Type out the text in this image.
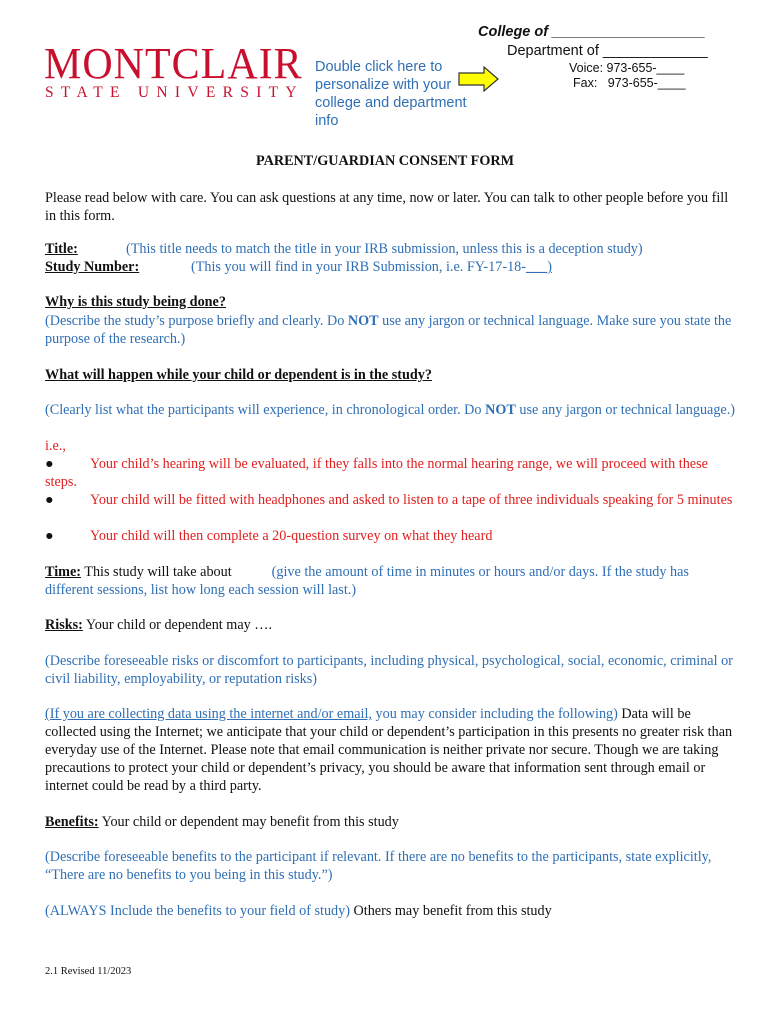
MONTCLAIR
STATE UNIVERSITY
Double click here to personalize with your college and department info
College of ___________________
Department of _____________
Voice: 973-655-____
Fax:   973-655-____
PARENT/GUARDIAN CONSENT FORM
Please read below with care. You can ask questions at any time, now or later. You can talk to other people before you fill in this form.
Title:	(This title needs to match the title in your IRB submission, unless this is a deception study)
Study Number:	(This you will find in your IRB Submission, i.e. FY-17-18-___)
Why is this study being done?
(Describe the study’s purpose briefly and clearly. Do NOT use any jargon or technical language. Make sure you state the purpose of the research.)
What will happen while your child or dependent is in the study?
(Clearly list what the participants will experience, in chronological order. Do NOT use any jargon or technical language.)
i.e.,
●	Your child’s hearing will be evaluated, if they falls into the normal hearing range, we will proceed with these steps.
●	Your child will be fitted with headphones and asked to listen to a tape of three individuals speaking for 5 minutes
●	Your child will then complete a 20-question survey on what they heard
Time: This study will take about	(give the amount of time in minutes or hours and/or days. If the study has different sessions, list how long each session will last.)
Risks: Your child or dependent may ….
(Describe foreseeable risks or discomfort to participants, including physical, psychological, social, economic, criminal or civil liability, employability, or reputation risks)
(If you are collecting data using the internet and/or email, you may consider including the following) Data will be collected using the Internet; we anticipate that your child or dependent’s participation in this presents no greater risk than everyday use of the Internet. Please note that email communication is neither private nor secure. Though we are taking precautions to protect your child or dependent’s privacy, you should be aware that information sent through email or internet could be read by a third party.
Benefits: Your child or dependent may benefit from this study
(Describe foreseeable benefits to the participant if relevant. If there are no benefits to the participants, state explicitly, “There are no benefits to you being in this study.”)
(ALWAYS Include the benefits to your field of study) Others may benefit from this study
2.1 Revised 11/2023
